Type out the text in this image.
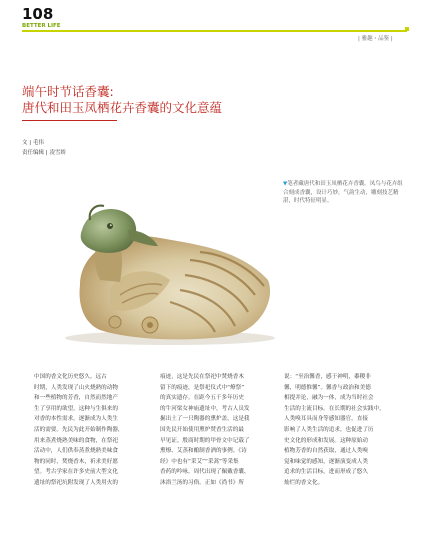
108
BETTER LIFE
| 雅趣・品鉴 |
端午时节话香囊:
唐代和田玉凤栖花卉香囊的文化意蕴
文 | 毛伟
责任编辑 | 凌雪娇
▼笔者藏唐代和田玉凤栖花卉香囊。凤鸟与花卉组合刻成香囊，设计巧妙，气韵生动，雕刻技艺精湛，时代特征明显。
中国的香文化历史悠久。远古
时期，人类发现了山火烧熟的动物
和一些植物的芳香，自然而然地产
生了享用的欲望。这种与生俱来的
对香的本性需求，逐渐成为人类生
活的需要。先民为此开始制作陶器，
用来蒸煮烧熟美味的食物，在祭祀
活动中，人们供奉蒸煮烧熟美味食
物的同时，焚烧香木，祈求美好愿
望。考古学家在许多史前大型文化
遗址的祭祀坑附发现了人类用火的
痕迹，这是先民在祭祀中焚烧香木
留下的痕迹，是祭祀仪式中“燎祭”
的真实遗存。在距今五千多年历史
的牛河梁女神庙遗址中，考古人员发
掘出土了一只陶器的熏炉盖，这是我
国先民开始使用熏炉焚香生活的最
早见证。殷商时期的甲骨文中记载了
熏燎、艾蒸和酿制香酒的事例。《诗
经》中也有“采艾”“采蒿”等采集
香药的吟咏。周代出现了佩戴香囊、
沐浴兰汤的习俗。正如《尚书》所
说：“至治馨香，感于神明，黍稷非
馨，明德惟馨”。馨香与政治和美德
相提并论，融为一体，成为当时社会
生活的主流目标。在长期的社会实践中，
人类嗅耳具而身等感知器官，直接
影响了人类生活的追求，也促进了历
史文化的形成和发展。这种原始动
植物芳香的自然获取，通过人类嗅
觉和味觉的感知，逐渐演变成人类
追求的生活目标，进而形成了悠久
灿烂的香文化。
